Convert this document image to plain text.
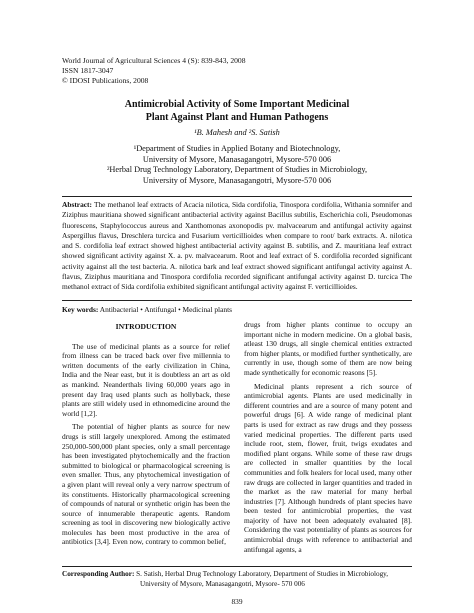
World Journal of Agricultural Sciences 4 (S): 839-843, 2008
ISSN 1817-3047
© IDOSI Publications, 2008
Antimicrobial Activity of Some Important Medicinal
Plant Against Plant and Human Pathogens
¹B. Mahesh and ²S. Satish
¹Department of Studies in Applied Botany and Biotechnology,
University of Mysore, Manasagangotri, Mysore-570 006
²Herbal Drug Technology Laboratory, Department of Studies in Microbiology,
University of Mysore, Manasagangotri, Mysore-570 006
Abstract: The methanol leaf extracts of Acacia nilotica, Sida cordifolia, Tinospora cordifolia, Withania somnifer and Ziziphus mauritiana showed significant antibacterial activity against Bacillus subtilis, Escherichia coli, Pseudomonas fluorescens, Staphylococcus aureus and Xanthomonas axonopodis pv. malvacearum and antifungal activity against Aspergillus flavus, Dreschlera turcica and Fusarium verticillioides when compare to root/ bark extracts. A. nilotica and S. cordifolia leaf extract showed highest antibacterial activity against B. subtilis, and Z. mauritiana leaf extract showed significant activity against X. a. pv. malvacearum. Root and leaf extract of S. cordifolia recorded significant activity against all the test bacteria. A. nilotica bark and leaf extract showed significant antifungal activity against A. flavus, Ziziphus mauritiana and Tinospora cordifolia recorded significant antifungal activity against D. turcica The methanol extract of Sida cordifolia exhibited significant antifungal activity against F. verticillioides.
Key words: Antibacterial • Antifungal • Medicinal plants
INTRODUCTION

The use of medicinal plants as a source for relief from illness can be traced back over five millennia to written documents of the early civilization in China, India and the Near east, but it is doubtless an art as old as mankind. Neanderthals living 60,000 years ago in present day Iraq used plants such as hollyback, these plants are still widely used in ethnomedicine around the world [1,2].

The potential of higher plants as source for new drugs is still largely unexplored. Among the estimated 250,000-500,000 plant species, only a small percentage has been investigated phytochemically and the fraction submitted to biological or pharmacological screening is even smaller. Thus, any phytochemical investigation of a given plant will reveal only a very narrow spectrum of its constituents. Historically pharmacological screening of compounds of natural or synthetic origin has been the source of innumerable therapeutic agents. Random screening as tool in discovering new biologically active molecules has been most productive in the area of antibiotics [3,4]. Even now, contrary to common belief,

drugs from higher plants continue to occupy an important niche in modern medicine. On a global basis, atleast 130 drugs, all single chemical entities extracted from higher plants, or modified further synthetically, are currently in use, though some of them are now being made synthetically for economic reasons [5].

Medicinal plants represent a rich source of antimicrobial agents. Plants are used medicinally in different countries and are a source of many potent and powerful drugs [6]. A wide range of medicinal plant parts is used for extract as raw drugs and they possess varied medicinal properties. The different parts used include root, stem, flower, fruit, twigs exudates and modified plant organs. While some of these raw drugs are collected in smaller quantities by the local communities and folk healers for local used, many other raw drugs are collected in larger quantities and traded in the market as the raw material for many herbal industries [7]. Although hundreds of plant species have been tested for antimicrobial properties, the vast majority of have not been adequately evaluated [8]. Considering the vast potentiality of plants as sources for antimicrobial drugs with reference to antibacterial and antifungal agents, a

Corresponding Author: S. Satish, Herbal Drug Technology Laboratory, Department of Studies in Microbiology,
University of Mysore, Manasagangotri, Mysore- 570 006
839
